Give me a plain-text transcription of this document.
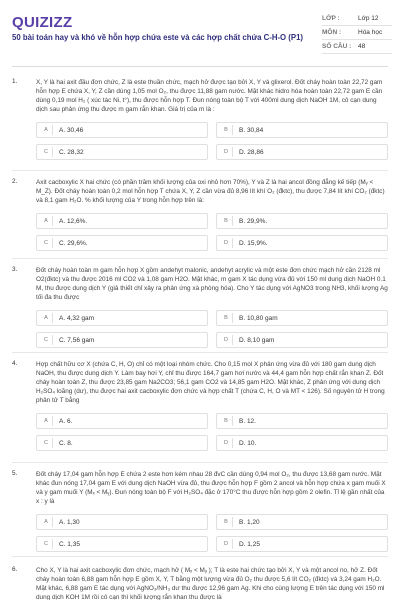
QUIZIZZ
50 bài toán hay và khó về hỗn hợp chứa este và các hợp chất chứa C-H-O (P1)
LỚP :	Lớp 12
MÔN :	Hóa học
SỐ CÂU :	48
1.	X, Y là hai axit đầu đơn chức, Z là este thuần chức, mạch hở được tạo bởi X, Y và glixerol. Đốt cháy hoàn toàn 22,72 gam hỗn hợp E chứa X, Y, Z cần dùng 1,05 mol O₂, thu được 11,88 gam nước. Mặt khác hidro hóa hoàn toàn 22,72 gam E cần dùng 0,19 mol H₂ ( xúc tác Ni, t°), thu được hỗn hợp T. Đun nóng toàn bộ T với 400ml dung dịch NaOH 1M, cô cạn dung dịch sau phản ứng thu được m gam rắn khan. Giá trị của m là :
A	A. 30,46	B	B. 30,84
C	C. 28,32	D	D. 28,86
2.	Axit cacboxylic X hai chức (có phần trăm khối lượng của oxi nhỏ hơn 70%), Y và Z là hai ancol đồng đẳng kế tiếp (Mᵧ < M_Z). Đốt cháy hoàn toàn 0,2 mol hỗn hợp T chứa X, Y, Z cần vừa đủ 8,96 lít khí O₂ (đktc), thu được 7,84 lít khí CO₂ (đktc) và 8,1 gam H₂O. % khối lượng của Y trong hỗn hợp trên là:
A	A. 12,6%.	B	B. 29,9%.
C	C. 29,6%.	D	D. 15,9%.
3.	Đốt cháy hoàn toàn m gam hỗn hợp X gồm andehyt malonic, andehyt acrylic và một este đơn chức mạch hở cần 2128 ml O2(đktc) và thu được 2016 ml CO2 và 1,08 gam H2O. Mặt khác, m gam X tác dụng vừa đủ với 150 ml dung dịch NaOH 0.1 M, thu được dung dịch Y (giả thiết chỉ xảy ra phản ứng xà phòng hóa). Cho Y tác dụng với AgNO3 trong NH3, khối lượng Ag tối đa thu được
A	A. 4,32 gam	B	B. 10,80 gam
C	C. 7,56 gam	D	D. 8,10 gam
4.	Hợp chất hữu cơ X (chứa C, H, O) chỉ có một loại nhóm chức. Cho 0,15 mol X phản ứng vừa đủ với 180 gam dung dịch NaOH, thu được dung dịch Y. Làm bay hơi Y, chỉ thu được 164,7 gam hơi nước và 44,4 gam hỗn hợp chất rắn khan Z. Đốt cháy hoàn toàn Z, thu được 23,85 gam Na2CO3; 56,1 gam CO2 và 14,85 gam H2O. Mặt khác, Z phản ứng với dung dịch H₂SO₄ loãng (dư), thu được hai axit cacboxylic đơn chức và hợp chất T (chứa C, H, O và MT < 126). Số nguyên tử H trong phân tử T bằng
A	A. 6.	B	B. 12.
C	C. 8.	D	D. 10.
5.	Đốt cháy 17,04 gam hỗn hợp E chứa 2 este hơn kém nhau 28 đvC cần dùng 0,94 mol O₂, thu được 13,68 gam nước. Mặt khác đun nóng 17,04 gam E với dung dịch NaOH vừa đủ, thu được hỗn hợp F gồm 2 ancol và hỗn hợp chứa x gam muối X và y gam muối Y (Mₓ < Mᵧ). Đun nóng toàn bộ F với H₂SO₄ đặc ở 170°C thu được hỗn hợp gồm 2 olefin. Tỉ lệ gần nhất của x : y là
A	A. 1,30	B	B. 1,20
C	C. 1,35	D	D. 1,25
6.	Cho X, Y là hai axit cacboxylic đơn chức, mạch hở ( Mₓ < Mᵧ ); T là este hai chức tạo bởi X, Y và một ancol no, hở Z. Đốt cháy hoàn toàn 6,88 gam hỗn hợp E gồm X, Y, T bằng một lượng vừa đủ O₂ thu được 5,6 lít CO₂ (đktc) và 3,24 gam H₂O. Mặt khác, 6,88 gam E tác dụng với AgNO₃/NH₃ dư thu được 12,96 gam Ag. Khi cho cùng lượng E trên tác dụng với 150 ml dung dịch KOH 1M rồi cô cạn thì khối lượng rắn khan thu được là
